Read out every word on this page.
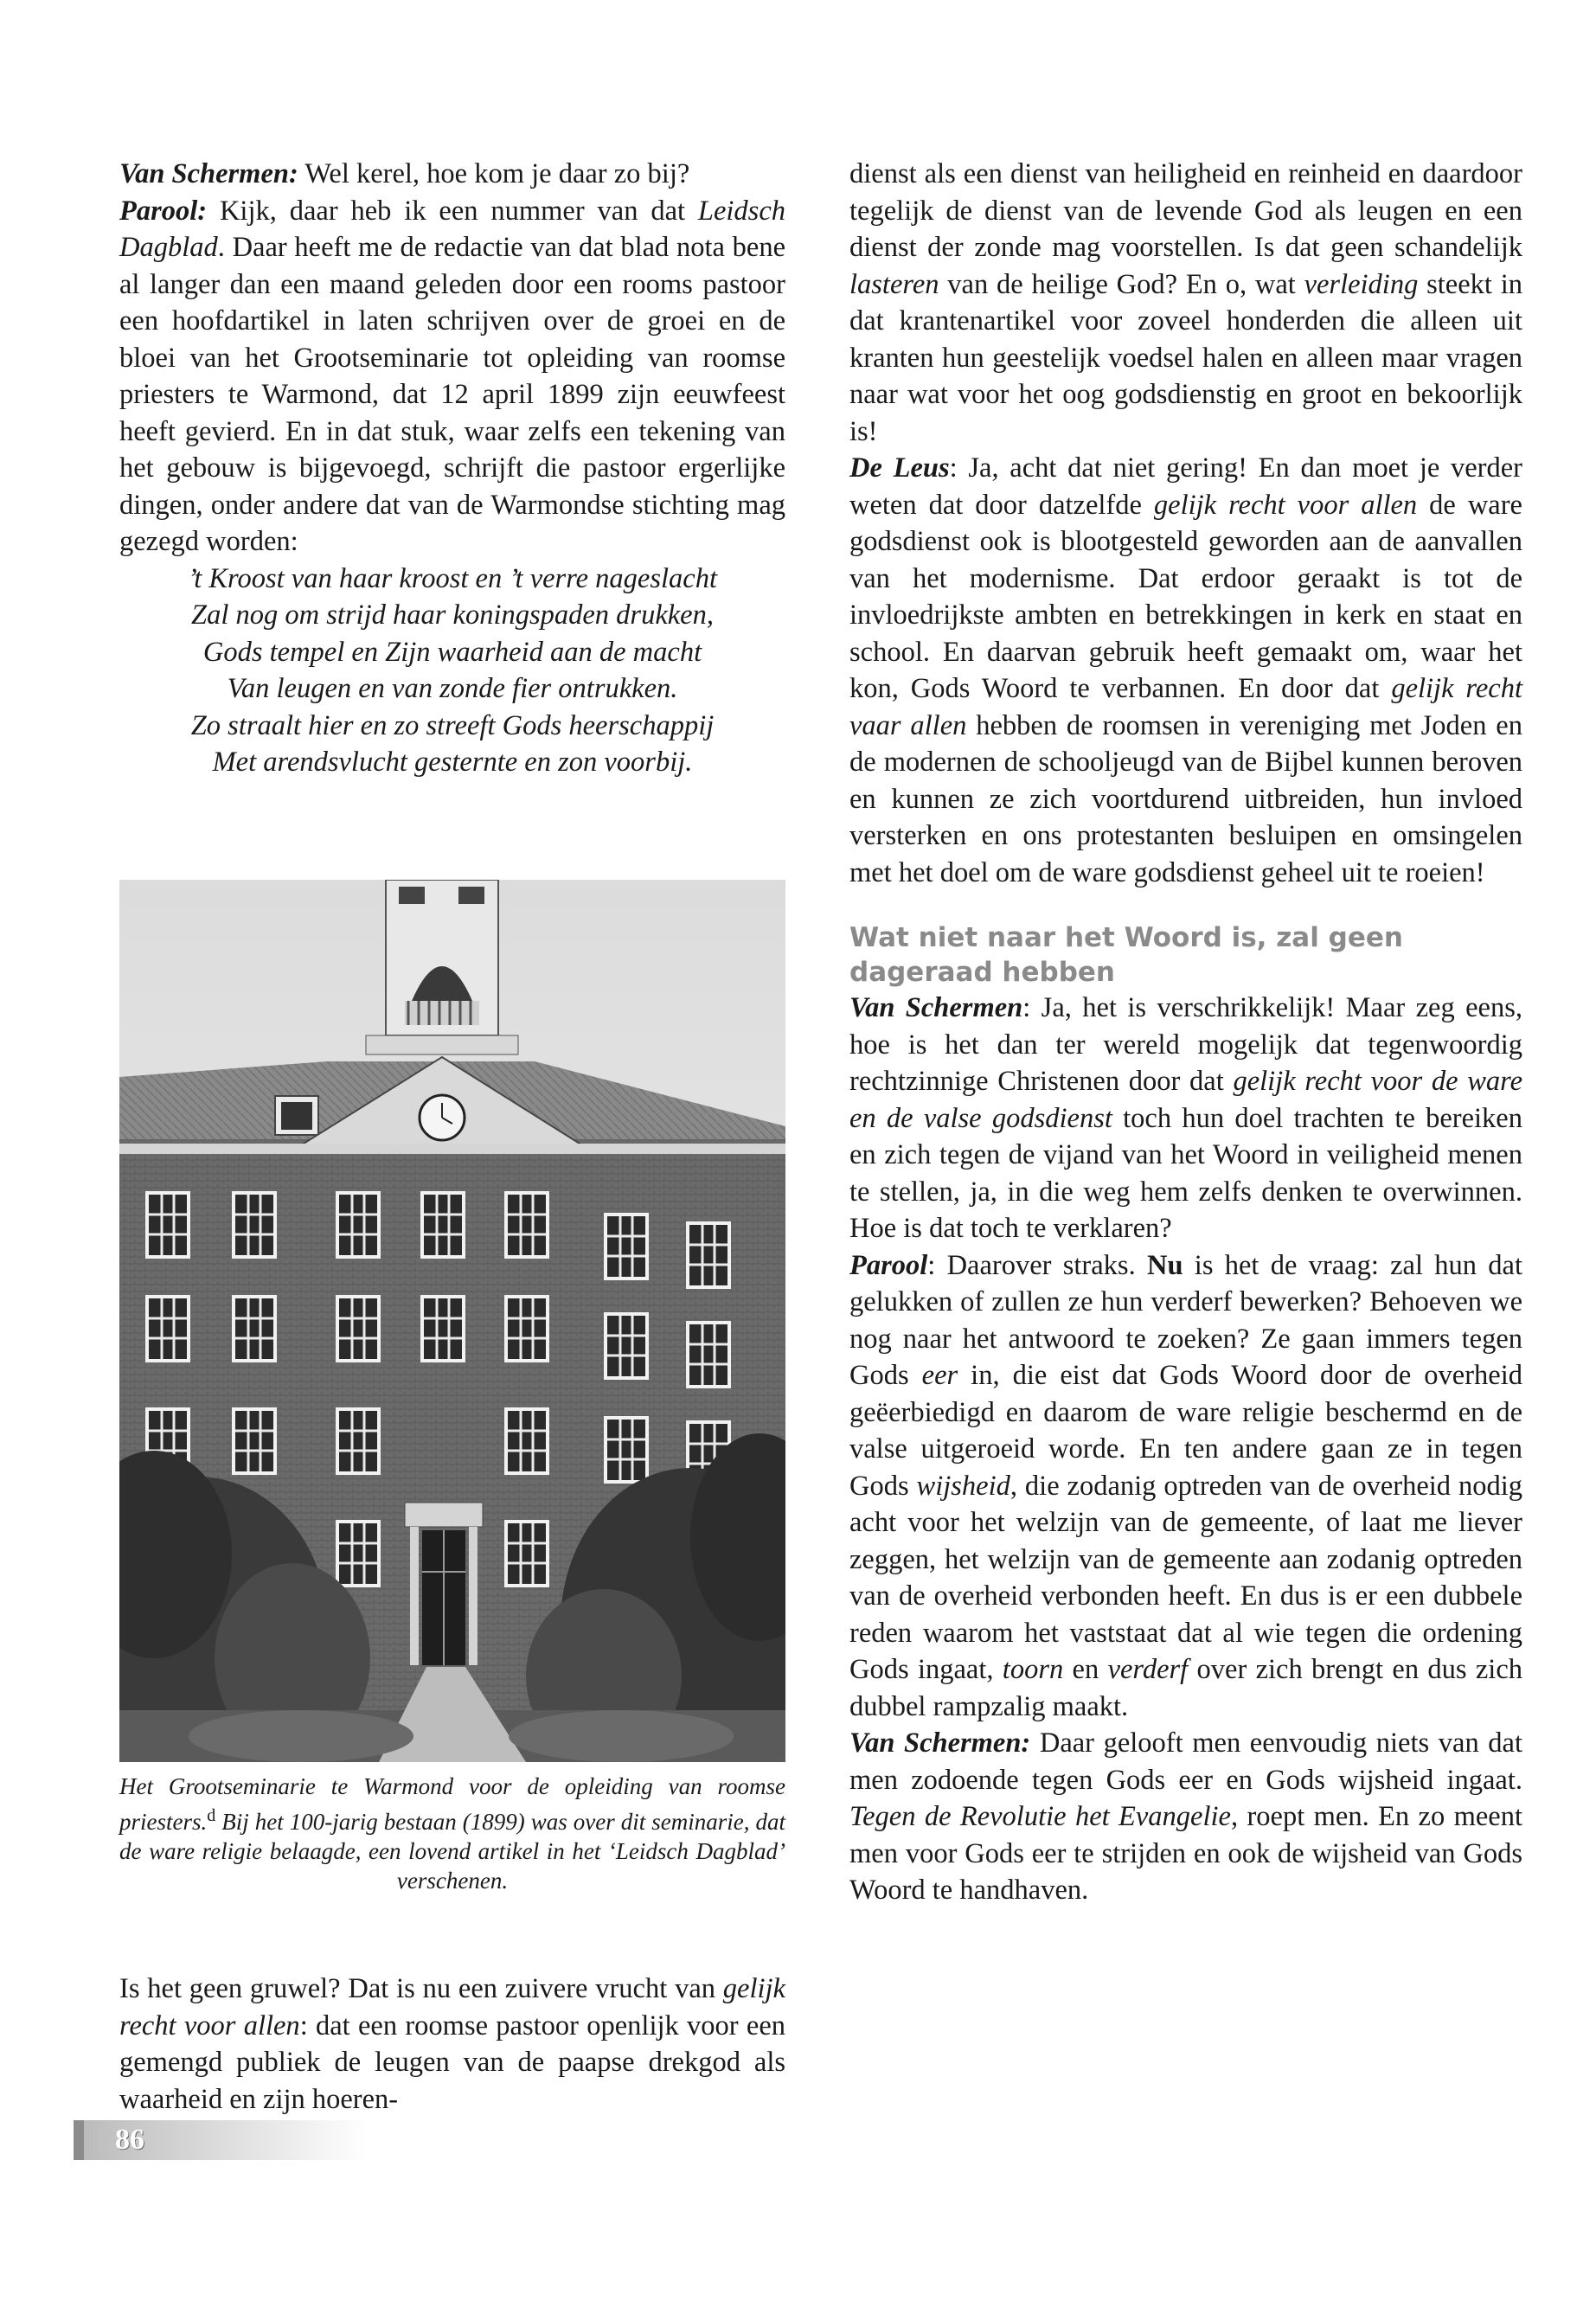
Van Schermen: Wel kerel, hoe kom je daar zo bij?

Parool: Kijk, daar heb ik een nummer van dat Leidsch Dagblad. Daar heeft me de redactie van dat blad nota bene al langer dan een maand geleden door een rooms pastoor een hoofdartikel in laten schrijven over de groei en de bloei van het Grootseminarie tot opleiding van roomse priesters te Warmond, dat 12 april 1899 zijn eeuwfeest heeft gevierd. En in dat stuk, waar zelfs een tekening van het gebouw is bijgevoegd, schrijft die pastoor ergerlijke dingen, onder andere dat van de Warmondse stichting mag gezegd worden:

’t Kroost van haar kroost en ’t verre nageslacht
Zal nog om strijd haar koningspaden drukken,
Gods tempel en Zijn waarheid aan de macht
Van leugen en van zonde fier ontrukken.
Zo straalt hier en zo streeft Gods heerschappij
Met arendsvlucht gesternte en zon voorbij.
Het Grootseminarie te Warmond voor de opleiding van roomse priesters.$^d$ Bij het 100-jarig bestaan (1899) was over dit seminarie, dat de ware religie belaagde, een lovend artikel in het ‘Leidsch Dagblad’ verschenen.
Is het geen gruwel? Dat is nu een zuivere vrucht van gelijk recht voor allen: dat een roomse pastoor openlijk voor een gemengd publiek de leugen van de paapse drekgod als waarheid en zijn hoeren-

dienst als een dienst van heiligheid en reinheid en daardoor tegelijk de dienst van de levende God als leugen en een dienst der zonde mag voorstellen. Is dat geen schandelijk lasteren van de heilige God? En o, wat verleiding steekt in dat krantenartikel voor zoveel honderden die alleen uit kranten hun geestelijk voedsel halen en alleen maar vragen naar wat voor het oog godsdienstig en groot en bekoorlijk is!

De Leus: Ja, acht dat niet gering! En dan moet je verder weten dat door datzelfde gelijk recht voor allen de ware godsdienst ook is blootgesteld geworden aan de aanvallen van het modernisme. Dat erdoor geraakt is tot de invloedrijkste ambten en betrekkingen in kerk en staat en school. En daarvan gebruik heeft gemaakt om, waar het kon, Gods Woord te verbannen. En door dat gelijk recht vaar allen hebben de roomsen in vereniging met Joden en de modernen de schooljeugd van de Bijbel kunnen beroven en kunnen ze zich voortdurend uitbreiden, hun invloed versterken en ons protestanten besluipen en omsingelen met het doel om de ware godsdienst geheel uit te roeien!

Wat niet naar het Woord is, zal geen dageraad hebben

Van Schermen: Ja, het is verschrikkelijk! Maar zeg eens, hoe is het dan ter wereld mogelijk dat tegenwoordig rechtzinnige Christenen door dat gelijk recht voor de ware en de valse godsdienst toch hun doel trachten te bereiken en zich tegen de vijand van het Woord in veiligheid menen te stellen, ja, in die weg hem zelfs denken te overwinnen. Hoe is dat toch te verklaren?

Parool: Daarover straks. Nu is het de vraag: zal hun dat gelukken of zullen ze hun verderf bewerken? Behoeven we nog naar het antwoord te zoeken? Ze gaan immers tegen Gods eer in, die eist dat Gods Woord door de overheid geëerbiedigd en daarom de ware religie beschermd en de valse uitgeroeid worde. En ten andere gaan ze in tegen Gods wijsheid, die zodanig optreden van de overheid nodig acht voor het welzijn van de gemeente, of laat me liever zeggen, het welzijn van de gemeente aan zodanig optreden van de overheid verbonden heeft. En dus is er een dubbele reden waarom het vaststaat dat al wie tegen die ordening Gods ingaat, toorn en verderf over zich brengt en dus zich dubbel rampzalig maakt.

Van Schermen: Daar gelooft men eenvoudig niets van dat men zodoende tegen Gods eer en Gods wijsheid ingaat. Tegen de Revolutie het Evangelie, roept men. En zo meent men voor Gods eer te strijden en ook de wijsheid van Gods Woord te handhaven.

86
